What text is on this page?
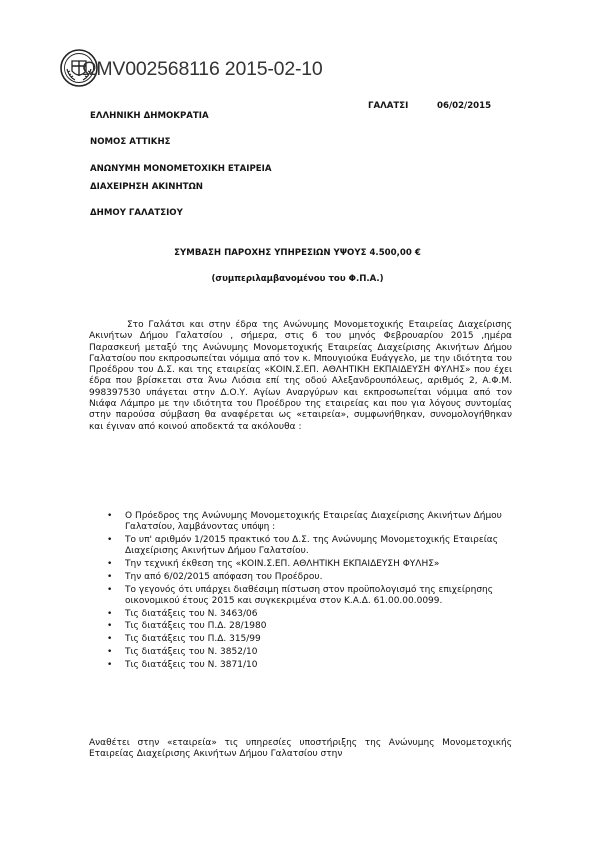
ΩΜV002568116 2015-02-10
ΓΑΛΑΤΣΙ	06/02/2015
ΕΛΛΗΝΙΚΗ ΔΗΜΟΚΡΑΤΙΑ
ΝΟΜΟΣ ΑΤΤΙΚΗΣ
ΑΝΩΝΥΜΗ ΜΟΝΟΜΕΤΟΧΙΚΗ ΕΤΑΙΡΕΙΑ
ΔΙΑΧΕΙΡΗΣΗ ΑΚΙΝΗΤΩΝ
ΔΗΜΟΥ ΓΑΛΑΤΣΙΟΥ
ΣΥΜΒΑΣΗ ΠΑΡΟΧΗΣ ΥΠΗΡΕΣΙΩΝ ΥΨΟΥΣ 4.500,00 €
(συμπεριλαμβανομένου του Φ.Π.Α.)
Στο Γαλάτσι και στην έδρα της Ανώνυμης Μονομετοχικής Εταιρείας Διαχείρισης Ακινήτων Δήμου Γαλατσίου , σήμερα, στις 6 του μηνός Φεβρουαρίου 2015 ,ημέρα Παρασκευή μεταξύ της Ανώνυμης Μονομετοχικής Εταιρείας Διαχείρισης Ακινήτων Δήμου Γαλατσίου που εκπροσωπείται νόμιμα από τον κ. Μπουγιούκα Ευάγγελο, με την ιδιότητα του Προέδρου του Δ.Σ. και της εταιρείας «ΚΟΙΝ.Σ.ΕΠ. ΑΘΛΗΤΙΚΗ ΕΚΠΑΙΔΕΥΣΗ ΦΥΛΗΣ» που έχει έδρα που βρίσκεται στα Άνω Λιόσια επί της οδού Αλεξανδρουπόλεως, αριθμός 2, Α.Φ.Μ. 998397530 υπάγεται στην Δ.Ο.Υ. Αγίων Αναργύρων και εκπροσωπείται νόμιμα από τον Νιάφα Λάμπρο με την ιδιότητα του Προέδρου της εταιρείας και που για λόγους συντομίας στην παρούσα σύμβαση θα αναφέρεται ως «εταιρεία», συμφωνήθηκαν, συνομολογήθηκαν και έγιναν από κοινού αποδεκτά τα ακόλουθα :
• Ο Πρόεδρος της Ανώνυμης Μονομετοχικής Εταιρείας Διαχείρισης Ακινήτων Δήμου Γαλατσίου, λαμβάνοντας υπόψη :
• Το υπ' αριθμόν 1/2015 πρακτικό του Δ.Σ. της Ανώνυμης Μονομετοχικής Εταιρείας Διαχείρισης Ακινήτων Δήμου Γαλατσίου.
• Την τεχνική έκθεση της «ΚΟΙΝ.Σ.ΕΠ. ΑΘΛΗΤΙΚΗ ΕΚΠΑΙΔΕΥΣΗ ΦΥΛΗΣ»
• Την από 6/02/2015 απόφαση του Προέδρου.
• Το γεγονός ότι υπάρχει διαθέσιμη πίστωση στον προϋπολογισμό της επιχείρησης οικονομικού έτους 2015 και συγκεκριμένα στον Κ.Α.Δ. 61.00.00.0099.
• Τις διατάξεις του Ν. 3463/06
• Τις διατάξεις του Π.Δ. 28/1980
• Τις διατάξεις του Π.Δ. 315/99
• Τις διατάξεις του Ν. 3852/10
• Τις διατάξεις του Ν. 3871/10
Αναθέτει στην «εταιρεία» τις υπηρεσίες υποστήριξης της Ανώνυμης Μονομετοχικής Εταιρείας Διαχείρισης Ακινήτων Δήμου Γαλατσίου στην
